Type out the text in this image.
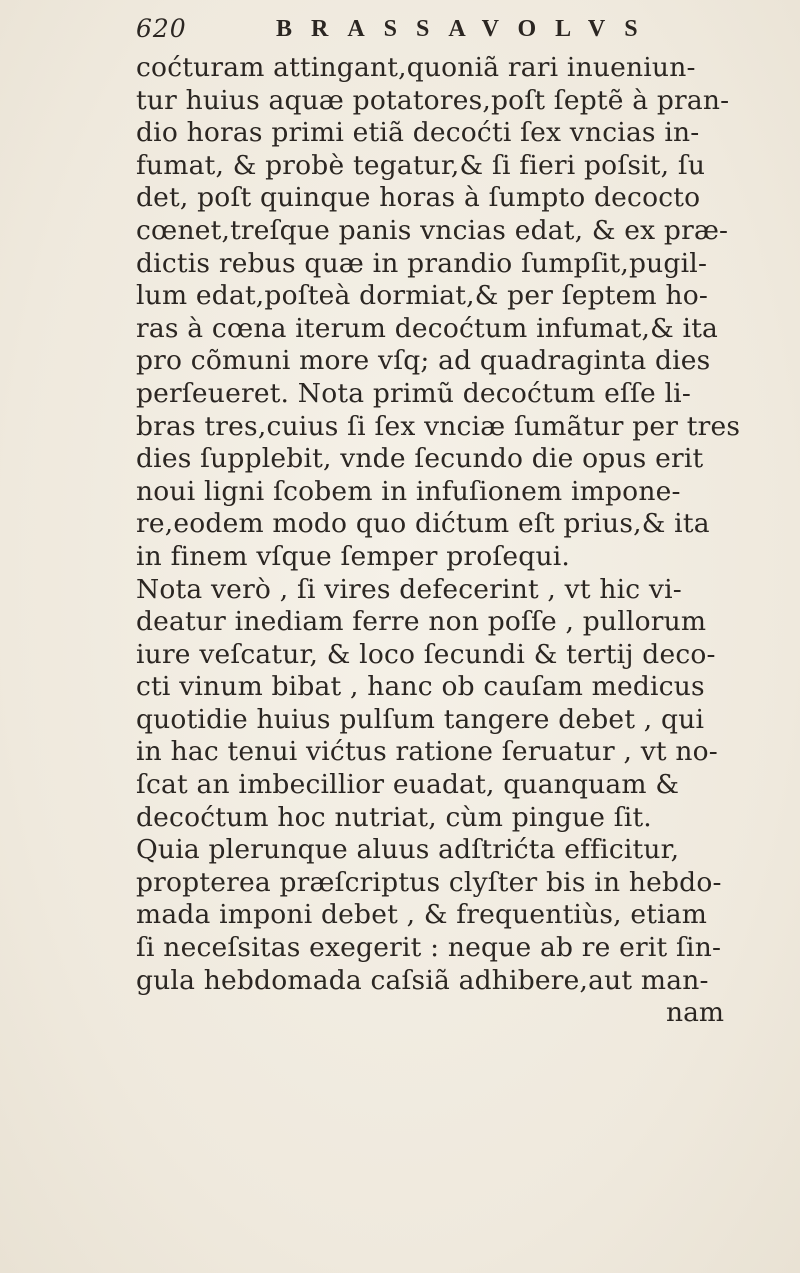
620	BRASSAVOLVS
coćturam attingant,quoniã rari inueniun-
tur huius aquæ potatores,poſt ſeptẽ à pran-
dio horas primi etiã decoćti ſex vncias in-
fumat, & probè tegatur,& ſi fieri poſsit, ſu
det, poſt quinque horas à ſumpto decocto
cœnet,treſque panis vncias edat, & ex præ-
dictis rebus quæ in prandio ſumpſit,pugil-
lum edat,poſteà dormiat,& per ſeptem ho-
ras à cœna iterum decoćtum infumat,& ita
pro cõmuni more vſq; ad quadraginta dies
perſeueret. Nota primũ decoćtum eſſe li-
bras tres,cuius ſi ſex vnciæ ſumãtur per tres
dies ſupplebit, vnde ſecundo die opus erit
noui ligni ſcobem in infuſionem impone-
re,eodem modo quo dićtum eſt prius,& ita
in finem vſque ſemper proſequi.
Nota verò , ſi vires defecerint , vt hic vi-
deatur inediam ferre non poſſe , pullorum
iure veſcatur, & loco ſecundi & tertij deco-
cti vinum bibat , hanc ob cauſam medicus
quotidie huius pulſum tangere debet , qui
in hac tenui vićtus ratione ſeruatur , vt no-
ſcat an imbecillior euadat, quanquam &
decoćtum hoc nutriat, cùm pingue ſit.
Quia plerunque aluus adſtrićta efficitur,
propterea præſcriptus clyſter bis in hebdo-
mada imponi debet , & frequentiùs, etiam
ſi neceſsitas exegerit : neque ab re erit ſin-
gula hebdomada caſsiã adhibere,aut man-
nam
